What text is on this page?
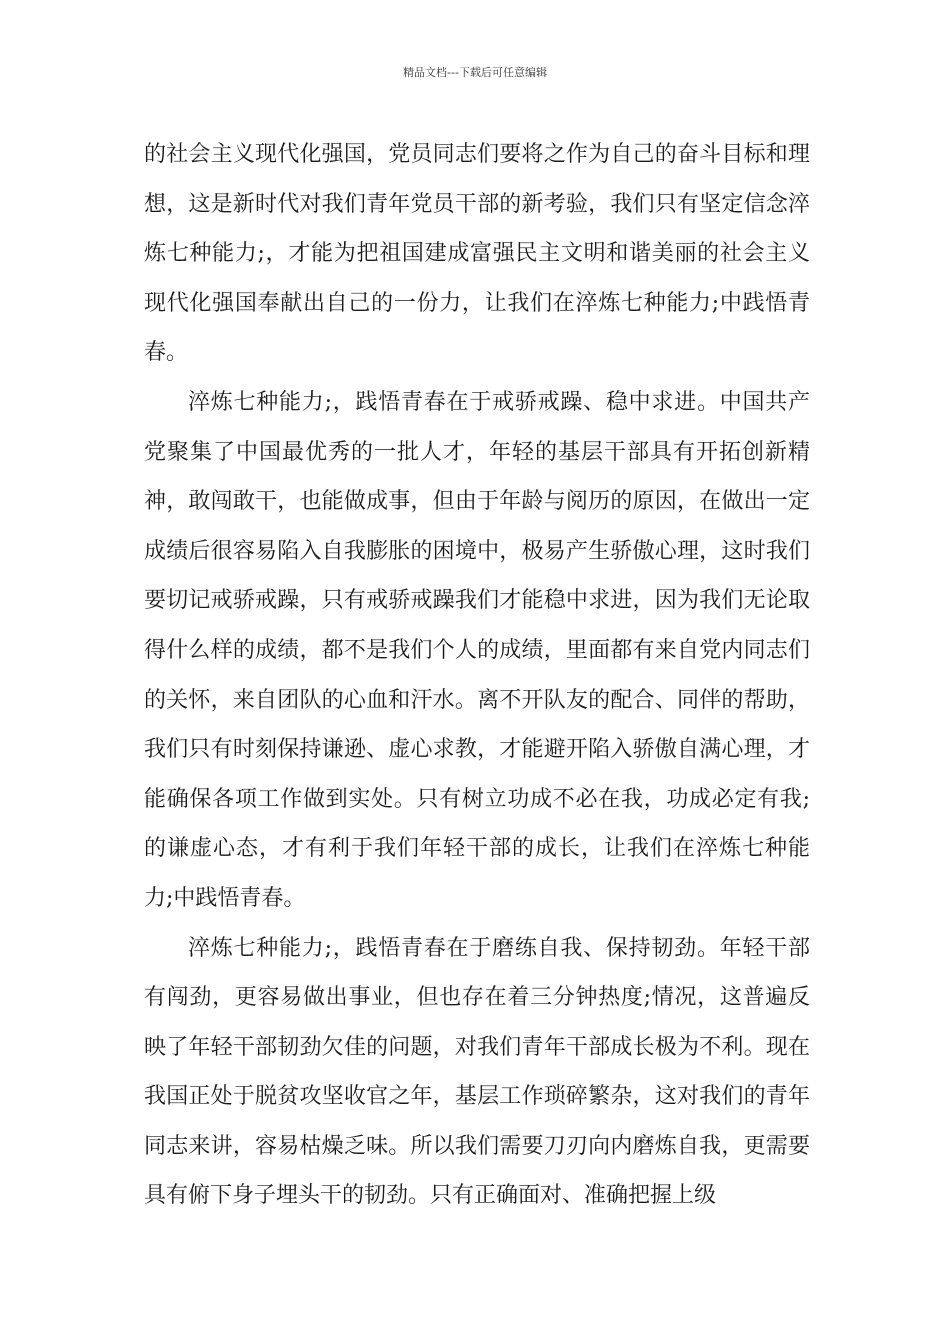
精品文档---下载后可任意编辑

的社会主义现代化强国，党员同志们要将之作为自己的奋斗目标和理想，这是新时代对我们青年党员干部的新考验，我们只有坚定信念淬炼七种能力;，才能为把祖国建成富强民主文明和谐美丽的社会主义现代化强国奉献出自己的一份力，让我们在淬炼七种能力;中践悟青春。

淬炼七种能力;，践悟青春在于戒骄戒躁、稳中求进。中国共产党聚集了中国最优秀的一批人才，年轻的基层干部具有开拓创新精神，敢闯敢干，也能做成事，但由于年龄与阅历的原因，在做出一定成绩后很容易陷入自我膨胀的困境中，极易产生骄傲心理，这时我们要切记戒骄戒躁，只有戒骄戒躁我们才能稳中求进，因为我们无论取得什么样的成绩，都不是我们个人的成绩，里面都有来自党内同志们的关怀，来自团队的心血和汗水。离不开队友的配合、同伴的帮助，我们只有时刻保持谦逊、虚心求教，才能避开陷入骄傲自满心理，才能确保各项工作做到实处。只有树立功成不必在我，功成必定有我;的谦虚心态，才有利于我们年轻干部的成长，让我们在淬炼七种能力;中践悟青春。

淬炼七种能力;，践悟青春在于磨练自我、保持韧劲。年轻干部有闯劲，更容易做出事业，但也存在着三分钟热度;情况，这普遍反映了年轻干部韧劲欠佳的问题，对我们青年干部成长极为不利。现在我国正处于脱贫攻坚收官之年，基层工作琐碎繁杂，这对我们的青年同志来讲，容易枯燥乏味。所以我们需要刀刃向内磨炼自我，更需要具有俯下身子埋头干的韧劲。只有正确面对、准确把握上级
